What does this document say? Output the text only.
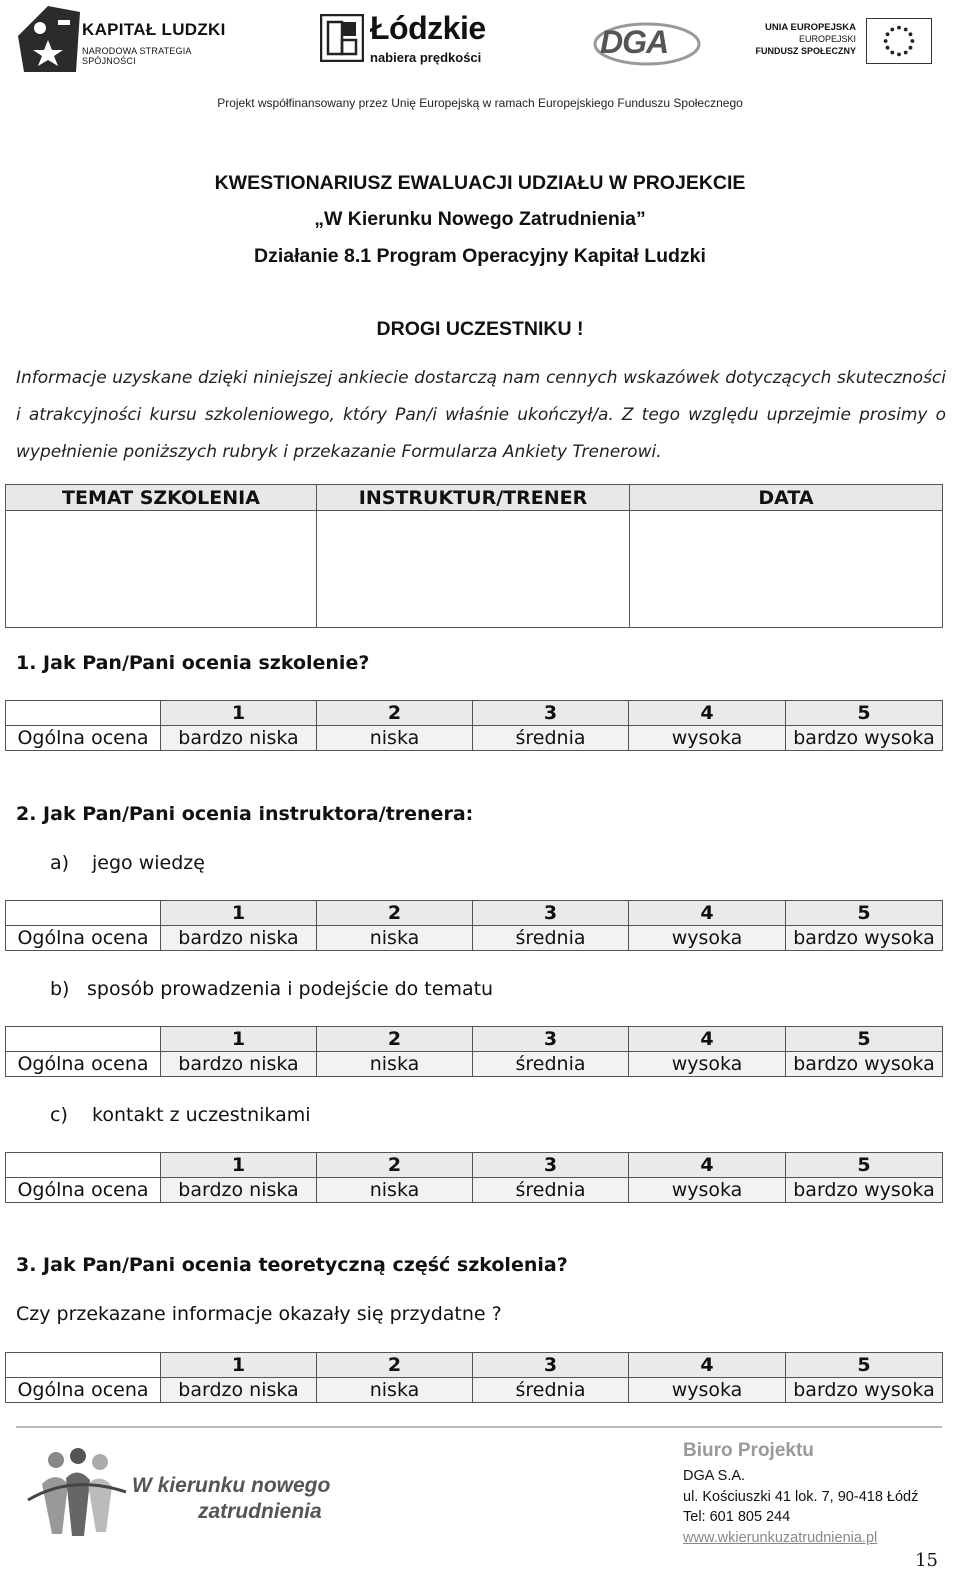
KAPITAŁ LUDZKI
NARODOWA STRATEGIA SPÓJNOŚCI
Łódzkie
nabiera prędkości	DGA	UNIA EUROPEJSKA
EUROPEJSKI
FUNDUSZ SPOŁECZNY
Projekt współfinansowany przez Unię Europejską w ramach Europejskiego Funduszu Społecznego
KWESTIONARIUSZ EWALUACJI UDZIAŁU W PROJEKCIE
„W Kierunku Nowego Zatrudnienia”
Działanie 8.1 Program Operacyjny Kapitał Ludzki
DROGI UCZESTNIKU !
Informacje uzyskane dzięki niniejszej ankiecie dostarczą nam cennych wskazówek dotyczących skuteczności i atrakcyjności kursu szkoleniowego, który Pan/i właśnie ukończył/a. Z tego względu uprzejmie prosimy o wypełnienie poniższych rubryk i przekazanie Formularza Ankiety Trenerowi.
TEMAT SZKOLENIA	INSTRUKTUR/TRENER	DATA

1. Jak Pan/Pani ocenia szkolenie?
	1	2	3	4	5
Ogólna ocena	bardzo niska	niska	średnia	wysoka	bardzo wysoka
2. Jak Pan/Pani ocenia instruktora/trenera:
a) jego wiedzę
	1	2	3	4	5
Ogólna ocena	bardzo niska	niska	średnia	wysoka	bardzo wysoka
b) sposób prowadzenia i podejście do tematu
	1	2	3	4	5
Ogólna ocena	bardzo niska	niska	średnia	wysoka	bardzo wysoka
c) kontakt z uczestnikami
	1	2	3	4	5
Ogólna ocena	bardzo niska	niska	średnia	wysoka	bardzo wysoka
3. Jak Pan/Pani ocenia teoretyczną część szkolenia?
Czy przekazane informacje okazały się przydatne ?
	1	2	3	4	5
Ogólna ocena	bardzo niska	niska	średnia	wysoka	bardzo wysoka
W kierunku nowego
zatrudnienia
Biuro Projektu
DGA S.A.
ul. Kościuszki 41 lok. 7, 90-418 Łódź
Tel: 601 805 244
www.wkierunkuzatrudnienia.pl
15
